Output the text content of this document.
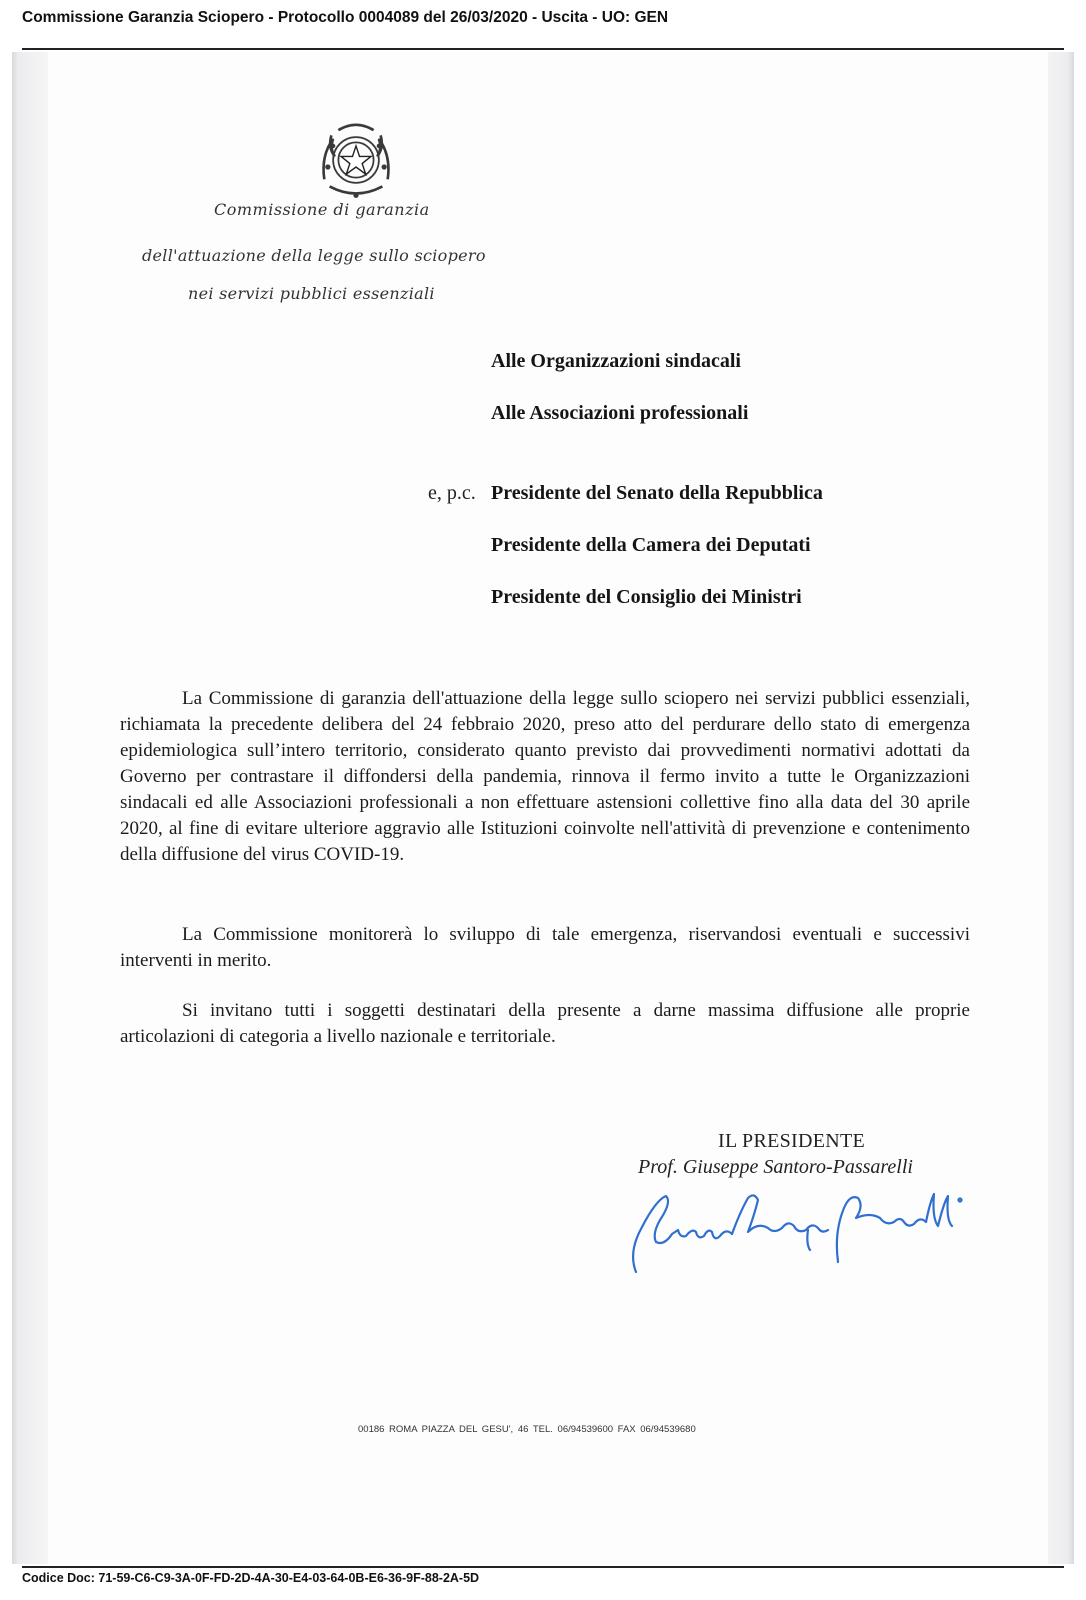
Commissione Garanzia Sciopero - Protocollo 0004089 del 26/03/2020 - Uscita - UO: GEN
Commissione di garanzia
dell'attuazione della legge sullo sciopero
nei servizi pubblici essenziali
Alle Organizzazioni sindacali
Alle Associazioni professionali
e, p.c. Presidente del Senato della Repubblica
Presidente della Camera dei Deputati
Presidente del Consiglio dei Ministri

La Commissione di garanzia dell'attuazione della legge sullo sciopero nei servizi pubblici essenziali, richiamata la precedente delibera del 24 febbraio 2020, preso atto del perdurare dello stato di emergenza epidemiologica sull’intero territorio, considerato quanto previsto dai provvedimenti normativi adottati da Governo per contrastare il diffondersi della pandemia, rinnova il fermo invito a tutte le Organizzazioni sindacali ed alle Associazioni professionali a non effettuare astensioni collettive fino alla data del 30 aprile 2020, al fine di evitare ulteriore aggravio alle Istituzioni coinvolte nell'attività di prevenzione e contenimento della diffusione del virus COVID-19.

La Commissione monitorerà lo sviluppo di tale emergenza, riservandosi eventuali e successivi interventi in merito.

Si invitano tutti i soggetti destinatari della presente a darne massima diffusione alle proprie articolazioni di categoria a livello nazionale e territoriale.

IL PRESIDENTE
Prof. Giuseppe Santoro-Passarelli
00186 ROMA PIAZZA DEL GESU', 46 TEL. 06/94539600 FAX 06/94539680
Codice Doc: 71-59-C6-C9-3A-0F-FD-2D-4A-30-E4-03-64-0B-E6-36-9F-88-2A-5D
